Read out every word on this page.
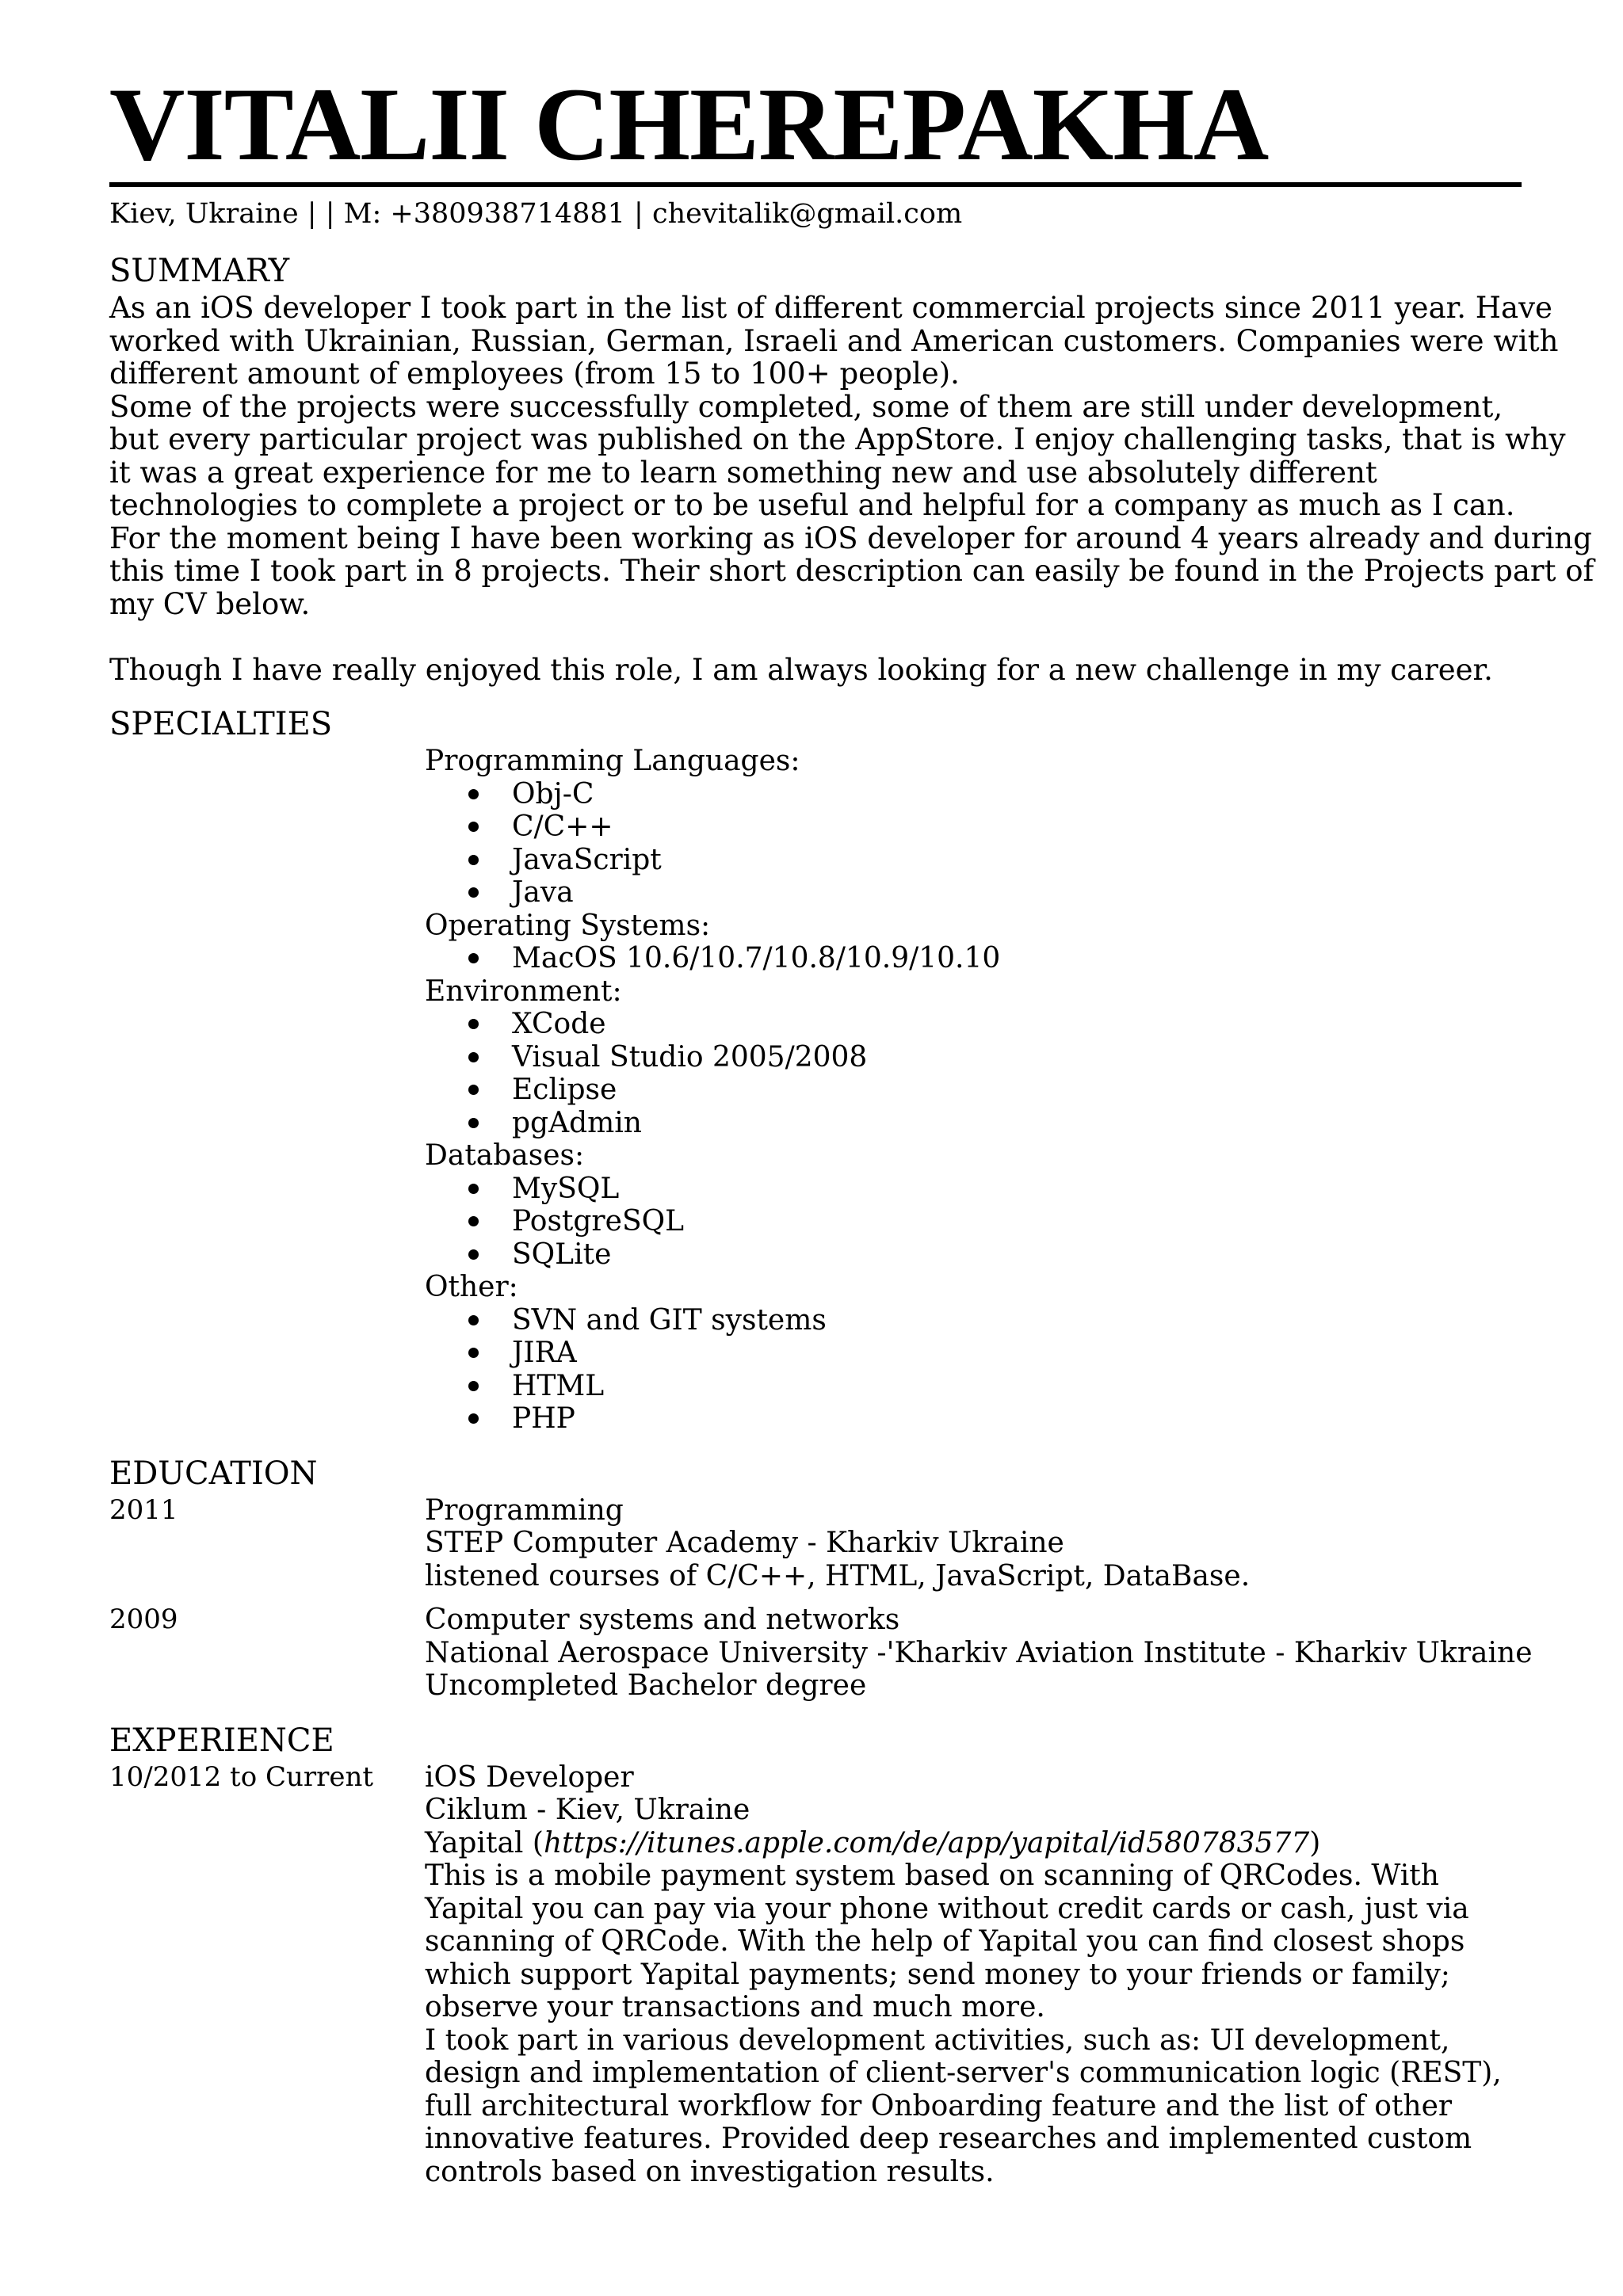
VITALII CHEREPAKHA
Kiev, Ukraine | | M: +380938714881 | chevitalik@gmail.com
SUMMARY

As an iOS developer I took part in the list of different commercial projects since 2011 year. Have

worked with Ukrainian, Russian, German, Israeli and American customers. Companies were with

different amount of employees (from 15 to 100+ people).

Some of the projects were successfully completed, some of them are still under development,

but every particular project was published on the AppStore. I enjoy challenging tasks, that is why

it was a great experience for me to learn something new and use absolutely different

technologies to complete a project or to be useful and helpful for a company as much as I can.

For the moment being I have been working as iOS developer for around 4 years already and during

this time I took part in 8 projects. Their short description can easily be found in the Projects part of

my CV below.

Though I have really enjoyed this role, I am always looking for a new challenge in my career.

SPECIALTIES
Programming Languages:
Obj-C
C/C++
JavaScript
Java
Operating Systems:
MacOS 10.6/10.7/10.8/10.9/10.10
Environment:
XCode
Visual Studio 2005/2008
Eclipse
pgAdmin
Databases:
MySQL
PostgreSQL
SQLite
Other:
SVN and GIT systems
JIRA
HTML
PHP
EDUCATION
2011	Programming
STEP Computer Academy - Kharkiv Ukraine
listened courses of C/C++, HTML, JavaScript, DataBase.
2009	Computer systems and networks
National Aerospace University -'Kharkiv Aviation Institute - Kharkiv Ukraine
Uncompleted Bachelor degree
EXPERIENCE
10/2012 to Current	iOS Developer
Ciklum - Kiev, Ukraine
Yapital (https://itunes.apple.com/de/app/yapital/id580783577)
This is a mobile payment system based on scanning of QRCodes. With
Yapital you can pay via your phone without credit cards or cash, just via
scanning of QRCode. With the help of Yapital you can find closest shops
which support Yapital payments; send money to your friends or family;
observe your transactions and much more.
I took part in various development activities, such as: UI development,
design and implementation of client-server's communication logic (REST),
full architectural workflow for Onboarding feature and the list of other
innovative features. Provided deep researches and implemented custom
controls based on investigation results.
